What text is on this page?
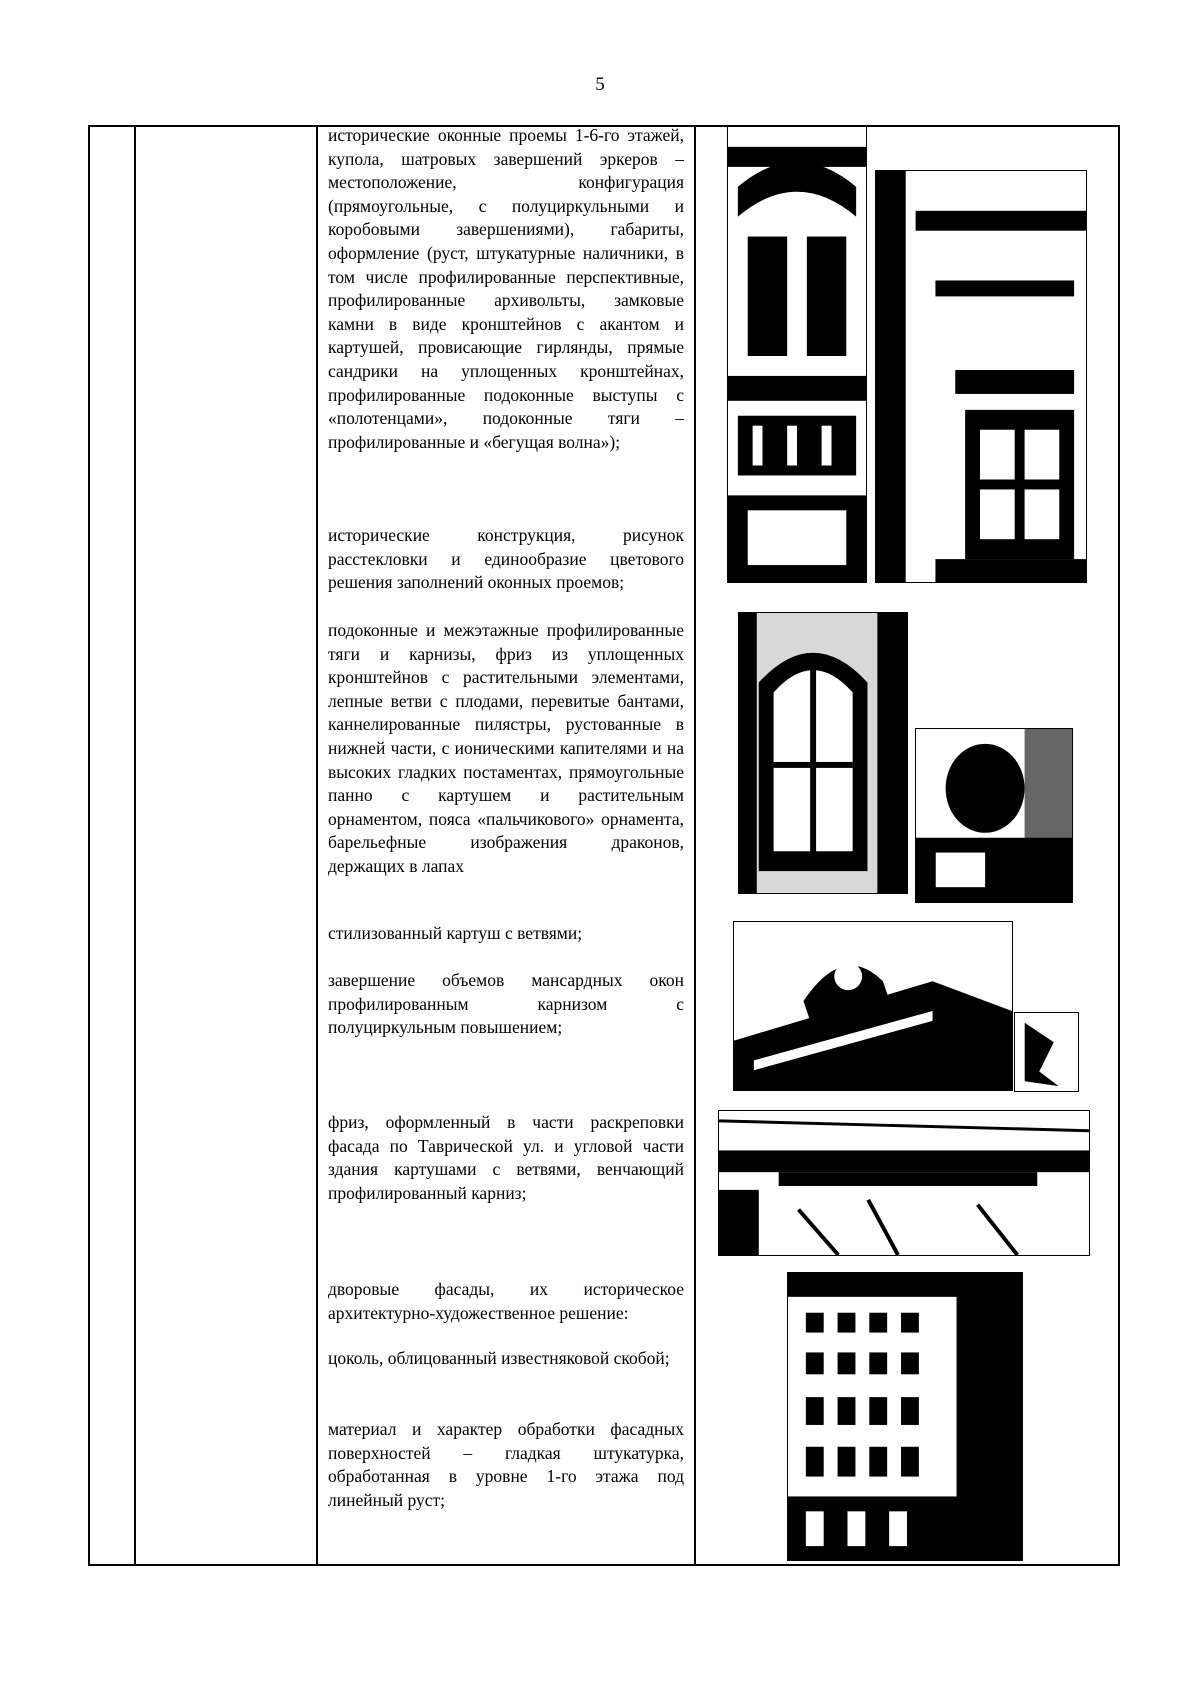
5

исторические оконные проемы 1-6-го этажей, купола, шатровых завершений эркеров – местоположение, конфигурация (прямоугольные, с полуциркульными и коробовыми завершениями), габариты, оформление (руст, штукатурные наличники, в том числе профилированные перспективные, профилированные архивольты, замковые камни в виде кронштейнов с акантом и картушей, провисающие гирлянды, прямые сандрики на уплощенных кронштейнах, профилированные подоконные выступы с «полотенцами», подоконные тяги – профилированные и «бегущая волна»);

исторические конструкция, рисунок расстекловки и единообразие цветового решения заполнений оконных проемов;

подоконные и межэтажные профилированные тяги и карнизы, фриз из уплощенных кронштейнов с растительными элементами, лепные ветви с плодами, перевитые бантами, каннелированные пилястры, рустованные в нижней части, с ионическими капителями и на высоких гладких постаментах, прямоугольные панно с картушем и растительным орнаментом, пояса «пальчикового» орнамента, барельефные изображения драконов, держащих в лапах

стилизованный картуш с ветвями;

завершение объемов мансардных окон профилированным карнизом с полуциркульным повышением;

фриз, оформленный в части раскреповки фасада по Таврической ул. и угловой части здания картушами с ветвями, венчающий профилированный карниз;

дворовые фасады, их историческое архитектурно-художественное решение:

цоколь, облицованный известняковой скобой;

материал и характер обработки фасадных поверхностей – гладкая штукатурка, обработанная в уровне 1-го этажа под линейный руст;
